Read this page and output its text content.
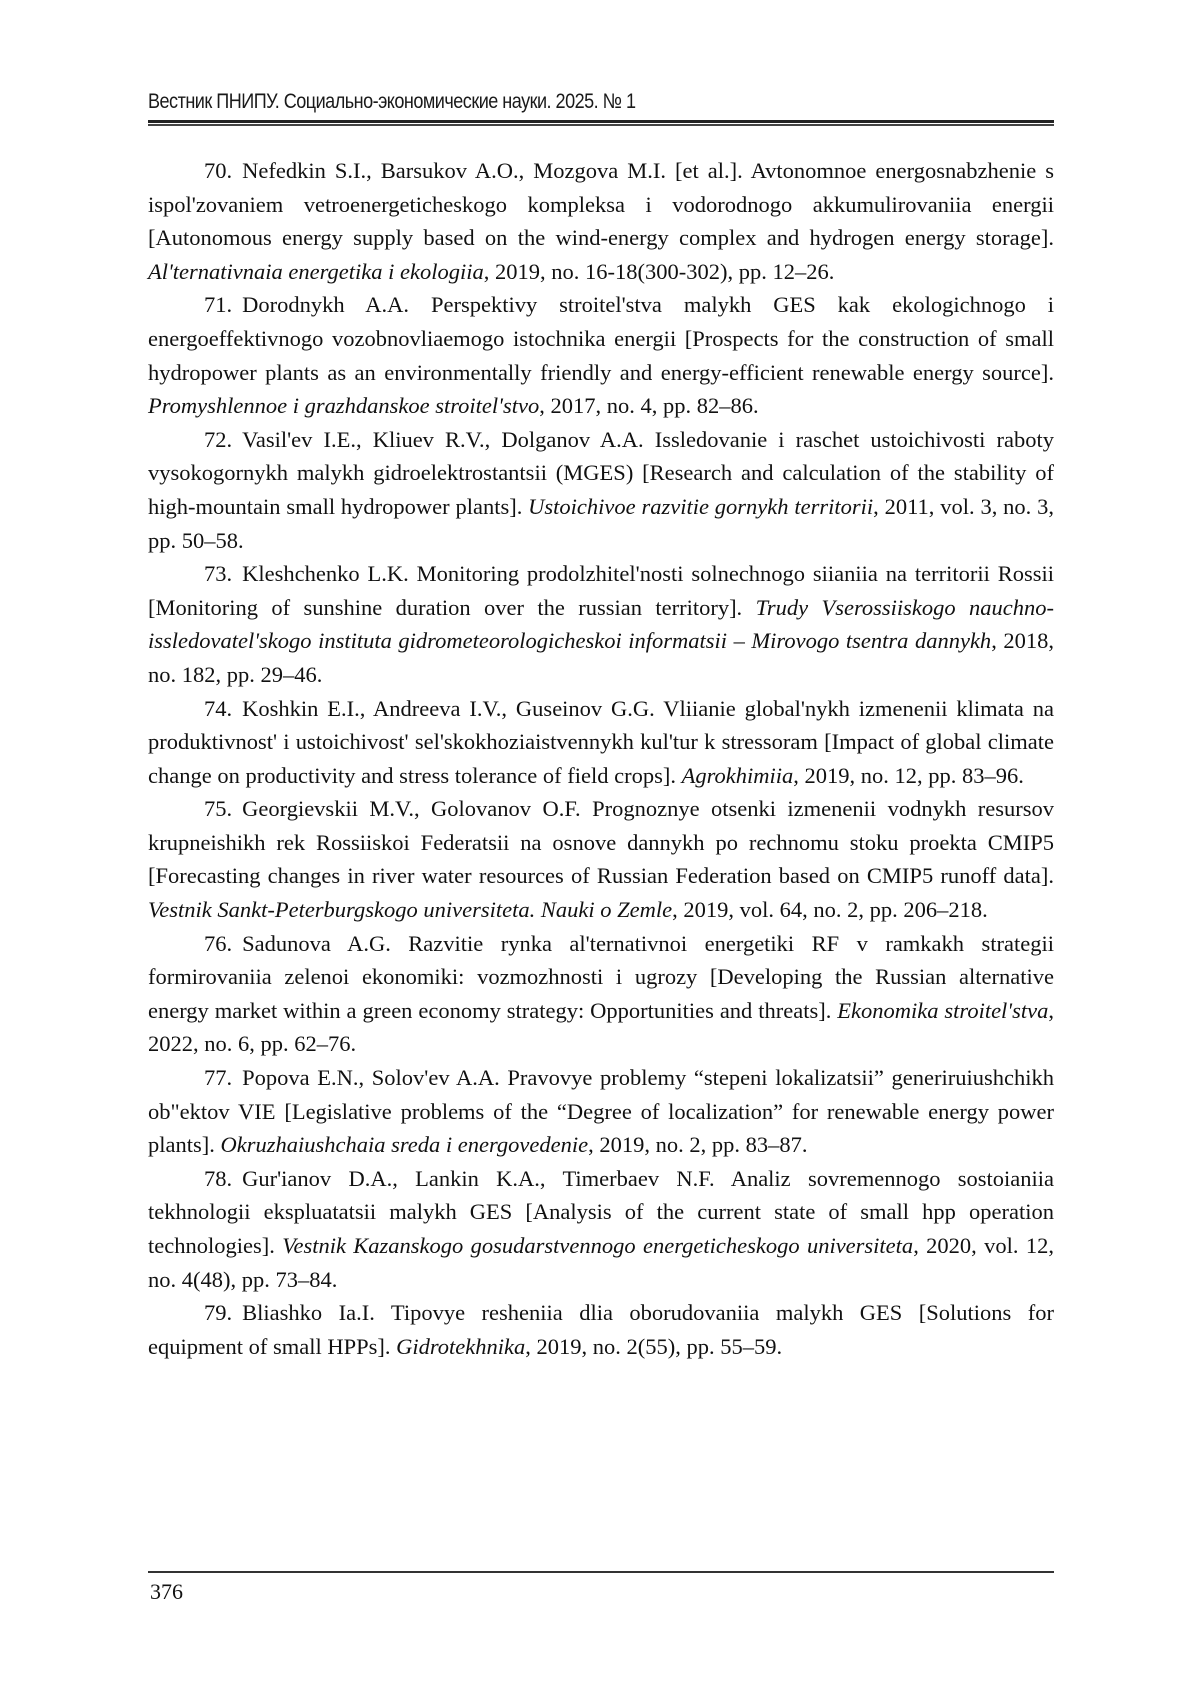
Вестник ПНИПУ. Социально-экономические науки. 2025. № 1

70. Nefedkin S.I., Barsukov A.O., Mozgova M.I. [et al.]. Avtonomnoe energosnabzhenie s ispol'zovaniem vetroenergeticheskogo kompleksa i vodorodnogo akkumulirovaniia energii [Autonomous energy supply based on the wind-energy complex and hydrogen energy storage]. Al'ternativnaia energetika i ekologiia, 2019, no. 16-18(300-302), pp. 12–26.

71. Dorodnykh A.A. Perspektivy stroitel'stva malykh GES kak ekologichnogo i energoeffektivnogo vozobnovliaemogo istochnika energii [Prospects for the construction of small hydropower plants as an environmentally friendly and energy-efficient renewable energy source]. Promyshlennoe i grazhdanskoe stroitel'stvo, 2017, no. 4, pp. 82–86.

72. Vasil'ev I.E., Kliuev R.V., Dolganov A.A. Issledovanie i raschet ustoichivosti raboty vysokogornykh malykh gidroelektrostantsii (MGES) [Research and calculation of the stability of high-mountain small hydropower plants]. Ustoichivoe razvitie gornykh territorii, 2011, vol. 3, no. 3, pp. 50–58.

73. Kleshchenko L.K. Monitoring prodolzhitel'nosti solnechnogo siianiia na territorii Rossii [Monitoring of sunshine duration over the russian territory]. Trudy Vserossiiskogo nauchno-issledovatel'skogo instituta gidrometeorologicheskoi informatsii – Mirovogo tsentra dannykh, 2018, no. 182, pp. 29–46.

74. Koshkin E.I., Andreeva I.V., Guseinov G.G. Vliianie global'nykh izmenenii klimata na produktivnost' i ustoichivost' sel'skokhoziaistvennykh kul'tur k stressoram [Impact of global climate change on productivity and stress tolerance of field crops]. Agrokhimiia, 2019, no. 12, pp. 83–96.

75. Georgievskii M.V., Golovanov O.F. Prognoznye otsenki izmenenii vodnykh resursov krupneishikh rek Rossiiskoi Federatsii na osnove dannykh po rechnomu stoku proekta CMIP5 [Forecasting changes in river water resources of Russian Federation based on CMIP5 runoff data]. Vestnik Sankt-Peterburgskogo universiteta. Nauki o Zemle, 2019, vol. 64, no. 2, pp. 206–218.

76. Sadunova A.G. Razvitie rynka al'ternativnoi energetiki RF v ramkakh strategii formirovaniia zelenoi ekonomiki: vozmozhnosti i ugrozy [Developing the Russian alternative energy market within a green economy strategy: Opportunities and threats]. Ekonomika stroitel'stva, 2022, no. 6, pp. 62–76.

77. Popova E.N., Solov'ev A.A. Pravovye problemy “stepeni lokalizatsii” generiruiushchikh ob"ektov VIE [Legislative problems of the “Degree of localization” for renewable energy power plants]. Okruzhaiushchaia sreda i energovedenie, 2019, no. 2, pp. 83–87.

78. Gur'ianov D.A., Lankin K.A., Timerbaev N.F. Analiz sovremennogo sostoianiia tekhnologii ekspluatatsii malykh GES [Analysis of the current state of small hpp operation technologies]. Vestnik Kazanskogo gosudarstvennogo energeticheskogo universiteta, 2020, vol. 12, no. 4(48), pp. 73–84.

79. Bliashko Ia.I. Tipovye resheniia dlia oborudovaniia malykh GES [Solutions for equipment of small HPPs]. Gidrotekhnika, 2019, no. 2(55), pp. 55–59.

376
